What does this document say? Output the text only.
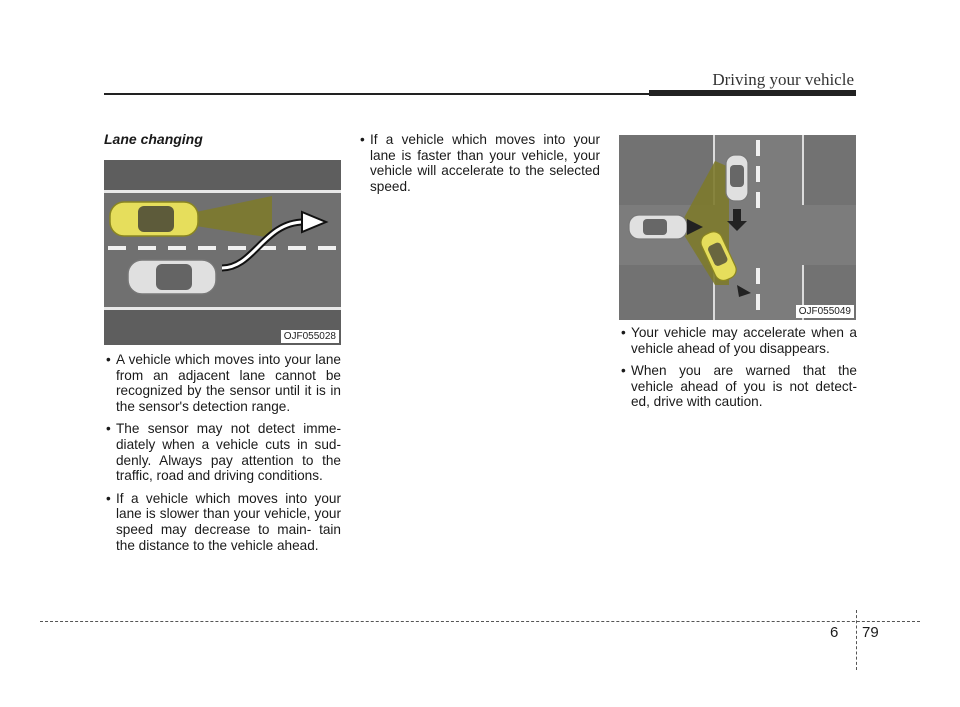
Driving your vehicle
Lane changing
OJF055028
• A vehicle which moves into your lane from an adjacent lane cannot be recognized by the sensor until it is in the sensor's detection range.
• The sensor may not detect imme- diately when a vehicle cuts in sud- denly. Always pay attention to the traffic, road and driving conditions.
• If a vehicle which moves into your lane is slower than your vehicle, your speed may decrease to main- tain the distance to the vehicle ahead.
• If a vehicle which moves into your lane is faster than your vehicle, your vehicle will accelerate to the selected speed.
OJF055049
• Your vehicle may accelerate when a vehicle ahead of you disappears.
• When you are warned that the vehicle ahead of you is not detect- ed, drive with caution.
6 79
